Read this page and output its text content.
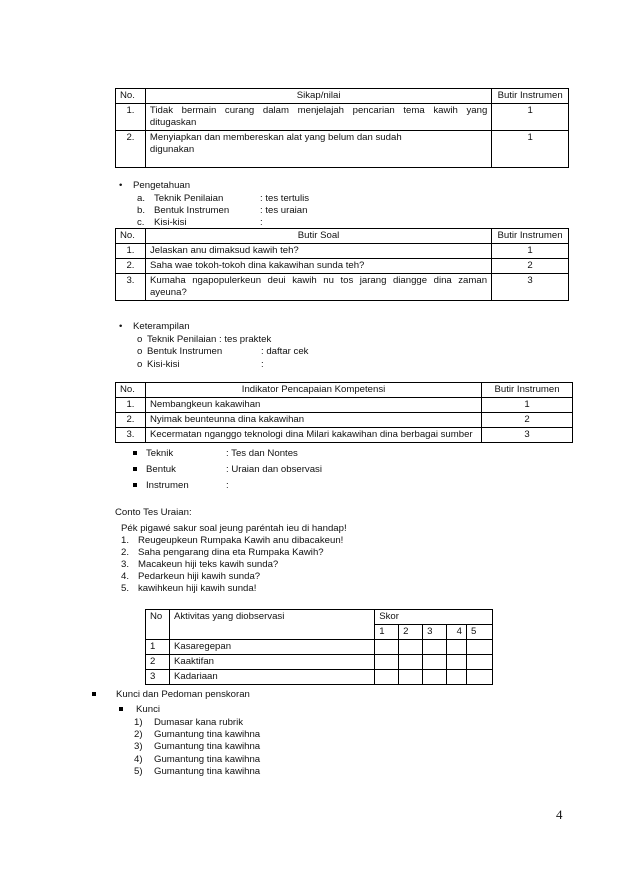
No.	Sikap/nilai	Butir Instrumen
1.	Tidak bermain curang dalam menjelajah pencarian tema kawih yang ditugaskan	1
2.	Menyiapkan dan membereskan alat yang belum dan sudah digunakan	1
• Pengetahuan
a. Teknik Penilaian	: tes tertulis
b. Bentuk Instrumen	: tes uraian
c. Kisi-kisi	:
No.	Butir Soal	Butir Instrumen
1.	Jelaskan anu dimaksud kawih teh?	1
2.	Saha wae tokoh-tokoh dina kakawihan sunda teh?	2
3.	Kumaha ngapopulerkeun deui kawih nu tos jarang diangge dina zaman ayeuna?	3
• Keterampilan
o Teknik Penilaian : tes praktek
o Bentuk Instrumen	: daftar cek
o Kisi-kisi	:
No.	Indikator Pencapaian Kompetensi	Butir Instrumen
1.	Nembangkeun kakawihan	1
2.	Nyimak beunteunna dina kakawihan	2
3.	Kecermatan nganggo teknologi dina Milari kakawihan dina berbagai sumber	3
Teknik	: Tes dan Nontes
Bentuk	: Uraian dan observasi
Instrumen	:
Conto Tes Uraian:
Pék pigawé sakur soal jeung paréntah ieu di handap!
1. Reugeupkeun Rumpaka Kawih anu dibacakeun!
2. Saha pengarang dina eta Rumpaka Kawih?
3. Macakeun hiji teks kawih sunda?
4. Pedarkeun hiji kawih sunda?
5. kawihkeun hiji kawih sunda!
No	Aktivitas yang diobservasi	Skor				
		1	2	3	4	5
1	Kasaregepan					
2	Kaaktifan					
3	Kadariaan					
Kunci dan Pedoman penskoran
Kunci
1) Dumasar kana rubrik
2) Gumantung tina kawihna
3) Gumantung tina kawihna
4) Gumantung tina kawihna
5) Gumantung tina kawihna
4
